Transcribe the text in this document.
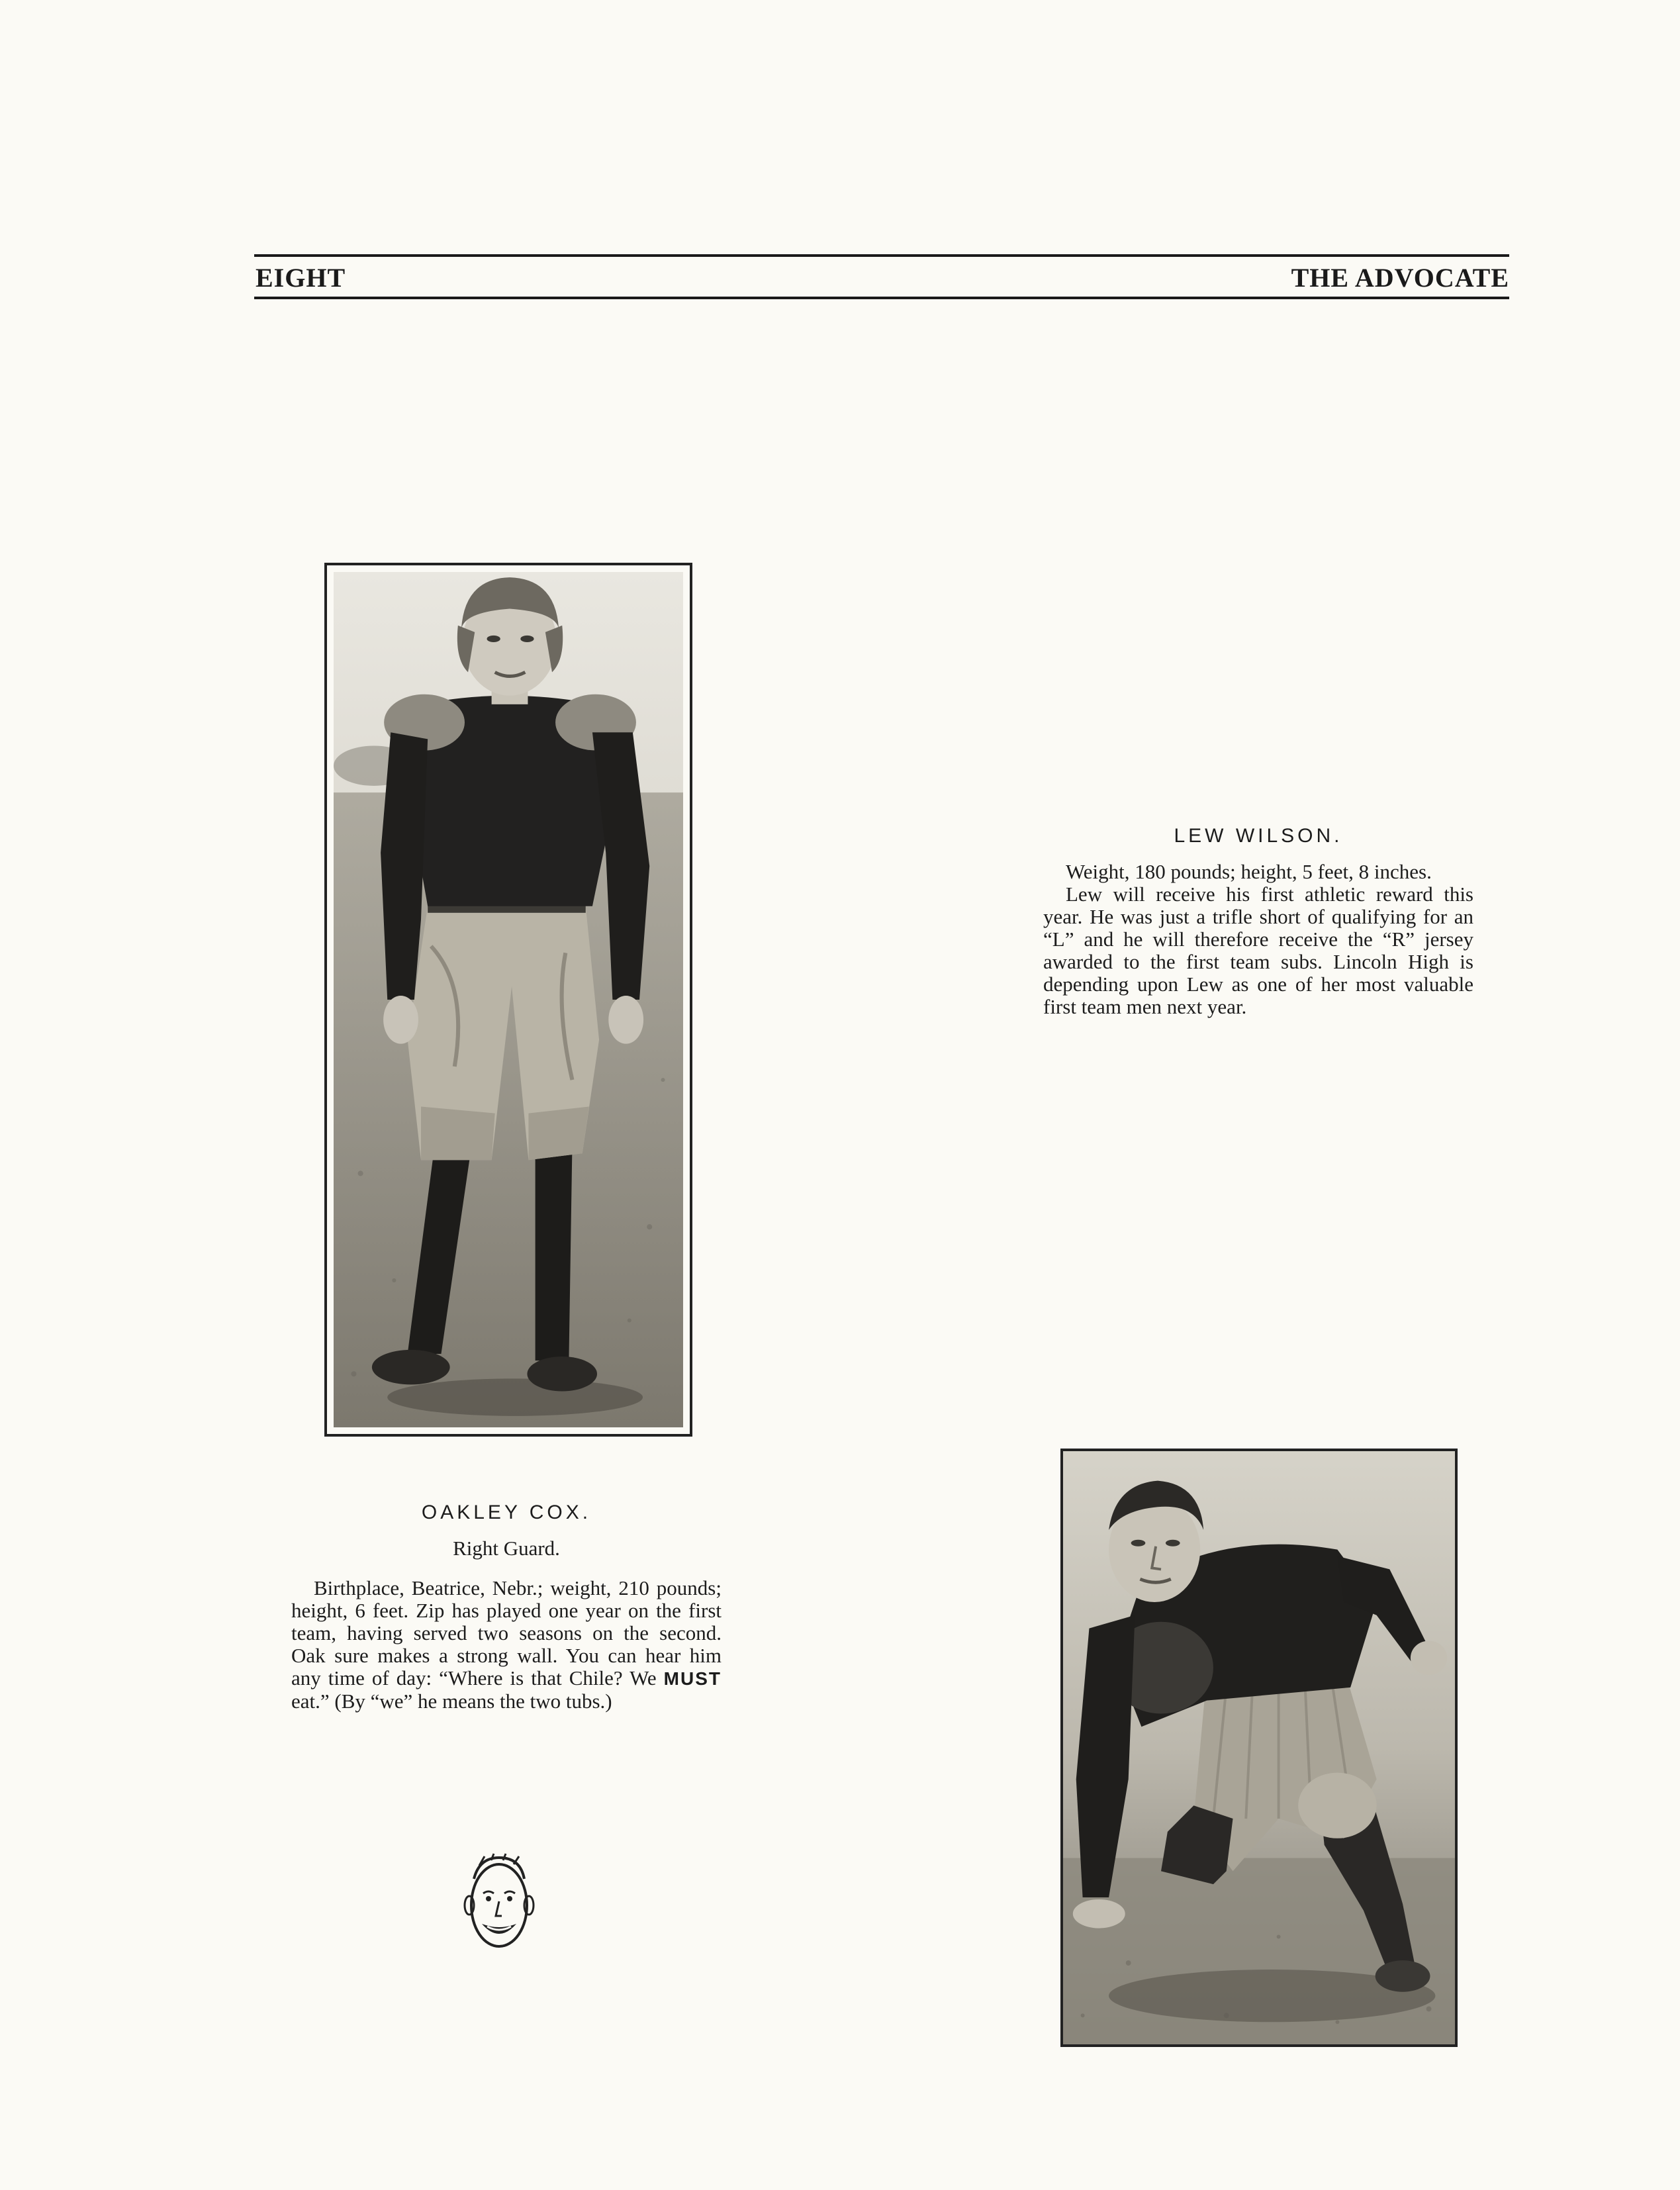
EIGHT	THE ADVOCATE
LEW WILSON.

Weight, 180 pounds; height, 5 feet, 8 inches.

Lew will receive his first athletic reward this year. He was just a trifle short of qualifying for an “L” and he will therefore receive the “R” jersey awarded to the first team subs. Lincoln High is depending upon Lew as one of her most valuable first team men next year.

OAKLEY COX.
Right Guard.

Birthplace, Beatrice, Nebr.; weight, 210 pounds; height, 6 feet. Zip has played one year on the first team, having served two seasons on the second. Oak sure makes a strong wall. You can hear him any time of day: “Where is that Chile? We MUST eat.” (By “we” he means the two tubs.)
